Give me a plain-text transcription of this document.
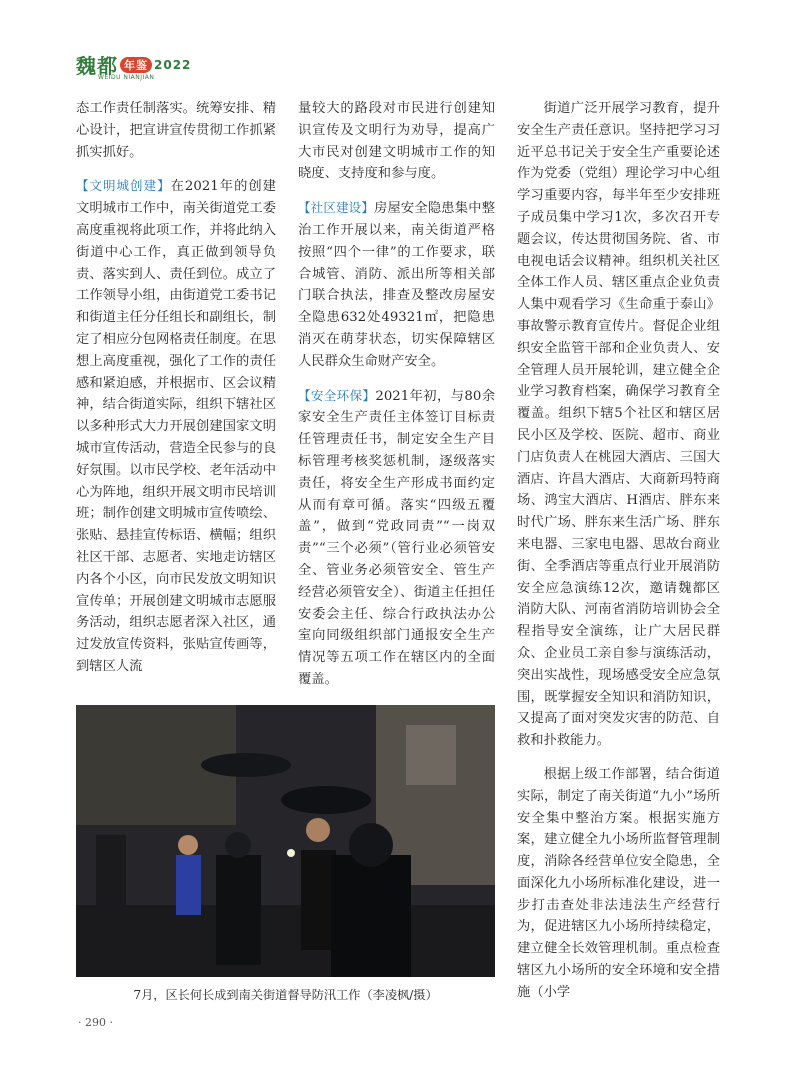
魏都 年鉴 $^{2022}$
WEIDU NIANJIAN

态工作责任制落实。统筹安排、精心设计，把宣讲宣传贯彻工作抓紧抓实抓好。

【文明城创建】在2021年的创建文明城市工作中，南关街道党工委高度重视将此项工作，并将此纳入街道中心工作，真正做到领导负责、落实到人、责任到位。成立了工作领导小组，由街道党工委书记和街道主任分任组长和副组长，制定了相应分包网格责任制度。在思想上高度重视，强化了工作的责任感和紧迫感，并根据市、区会议精神，结合街道实际，组织下辖社区以多种形式大力开展创建国家文明城市宣传活动，营造全民参与的良好氛围。以市民学校、老年活动中心为阵地，组织开展文明市民培训班；制作创建文明城市宣传喷绘、张贴、悬挂宣传标语、横幅；组织社区干部、志愿者、实地走访辖区内各个小区，向市民发放文明知识宣传单；开展创建文明城市志愿服务活动，组织志愿者深入社区，通过发放宣传资料，张贴宣传画等，到辖区人流

量较大的路段对市民进行创建知识宣传及文明行为劝导，提高广大市民对创建文明城市工作的知晓度、支持度和参与度。

【社区建设】房屋安全隐患集中整治工作开展以来，南关街道严格按照“四个一律”的工作要求，联合城管、消防、派出所等相关部门联合执法，排查及整改房屋安全隐患632处49321㎡，把隐患消灭在萌芽状态，切实保障辖区人民群众生命财产安全。

【安全环保】2021年初，与80余家安全生产责任主体签订目标责任管理责任书，制定安全生产目标管理考核奖惩机制，逐级落实责任，将安全生产形成书面约定从而有章可循。落实“四级五覆盖”，做到“党政同责”“一岗双责”“三个必须”（管行业必须管安全、管业务必须管安全、管生产经营必须管安全）、街道主任担任安委会主任、综合行政执法办公室向同级组织部门通报安全生产情况等五项工作在辖区内的全面覆盖。

街道广泛开展学习教育，提升安全生产责任意识。坚持把学习习近平总书记关于安全生产重要论述作为党委（党组）理论学习中心组学习重要内容，每半年至少安排班子成员集中学习1次，多次召开专题会议，传达贯彻国务院、省、市电视电话会议精神。组织机关社区全体工作人员、辖区重点企业负责人集中观看学习《生命重于泰山》事故警示教育宣传片。督促企业组织安全监管干部和企业负责人、安全管理人员开展轮训，建立健全企业学习教育档案，确保学习教育全覆盖。组织下辖5个社区和辖区居民小区及学校、医院、超市、商业门店负责人在桃园大酒店、三国大酒店、许昌大酒店、大商新玛特商场、鸿宝大酒店、H酒店、胖东来时代广场、胖东来生活广场、胖东来电器、三家电电器、思故台商业街、全季酒店等重点行业开展消防安全应急演练12次，邀请魏都区消防大队、河南省消防培训协会全程指导安全演练，让广大居民群众、企业员工亲自参与演练活动，突出实战性，现场感受安全应急氛围，既掌握安全知识和消防知识，又提高了面对突发灾害的防范、自救和扑救能力。

根据上级工作部署，结合街道实际，制定了南关街道“九小”场所安全集中整治方案。根据实施方案，建立健全九小场所监督管理制度，消除各经营单位安全隐患，全面深化九小场所标准化建设，进一步打击查处非法违法生产经营行为，促进辖区九小场所持续稳定，建立健全长效管理机制。重点检查辖区九小场所的安全环境和安全措施（小学

7月，区长何长成到南关街道督导防汛工作（李凌枫/摄）
· 290 ·
